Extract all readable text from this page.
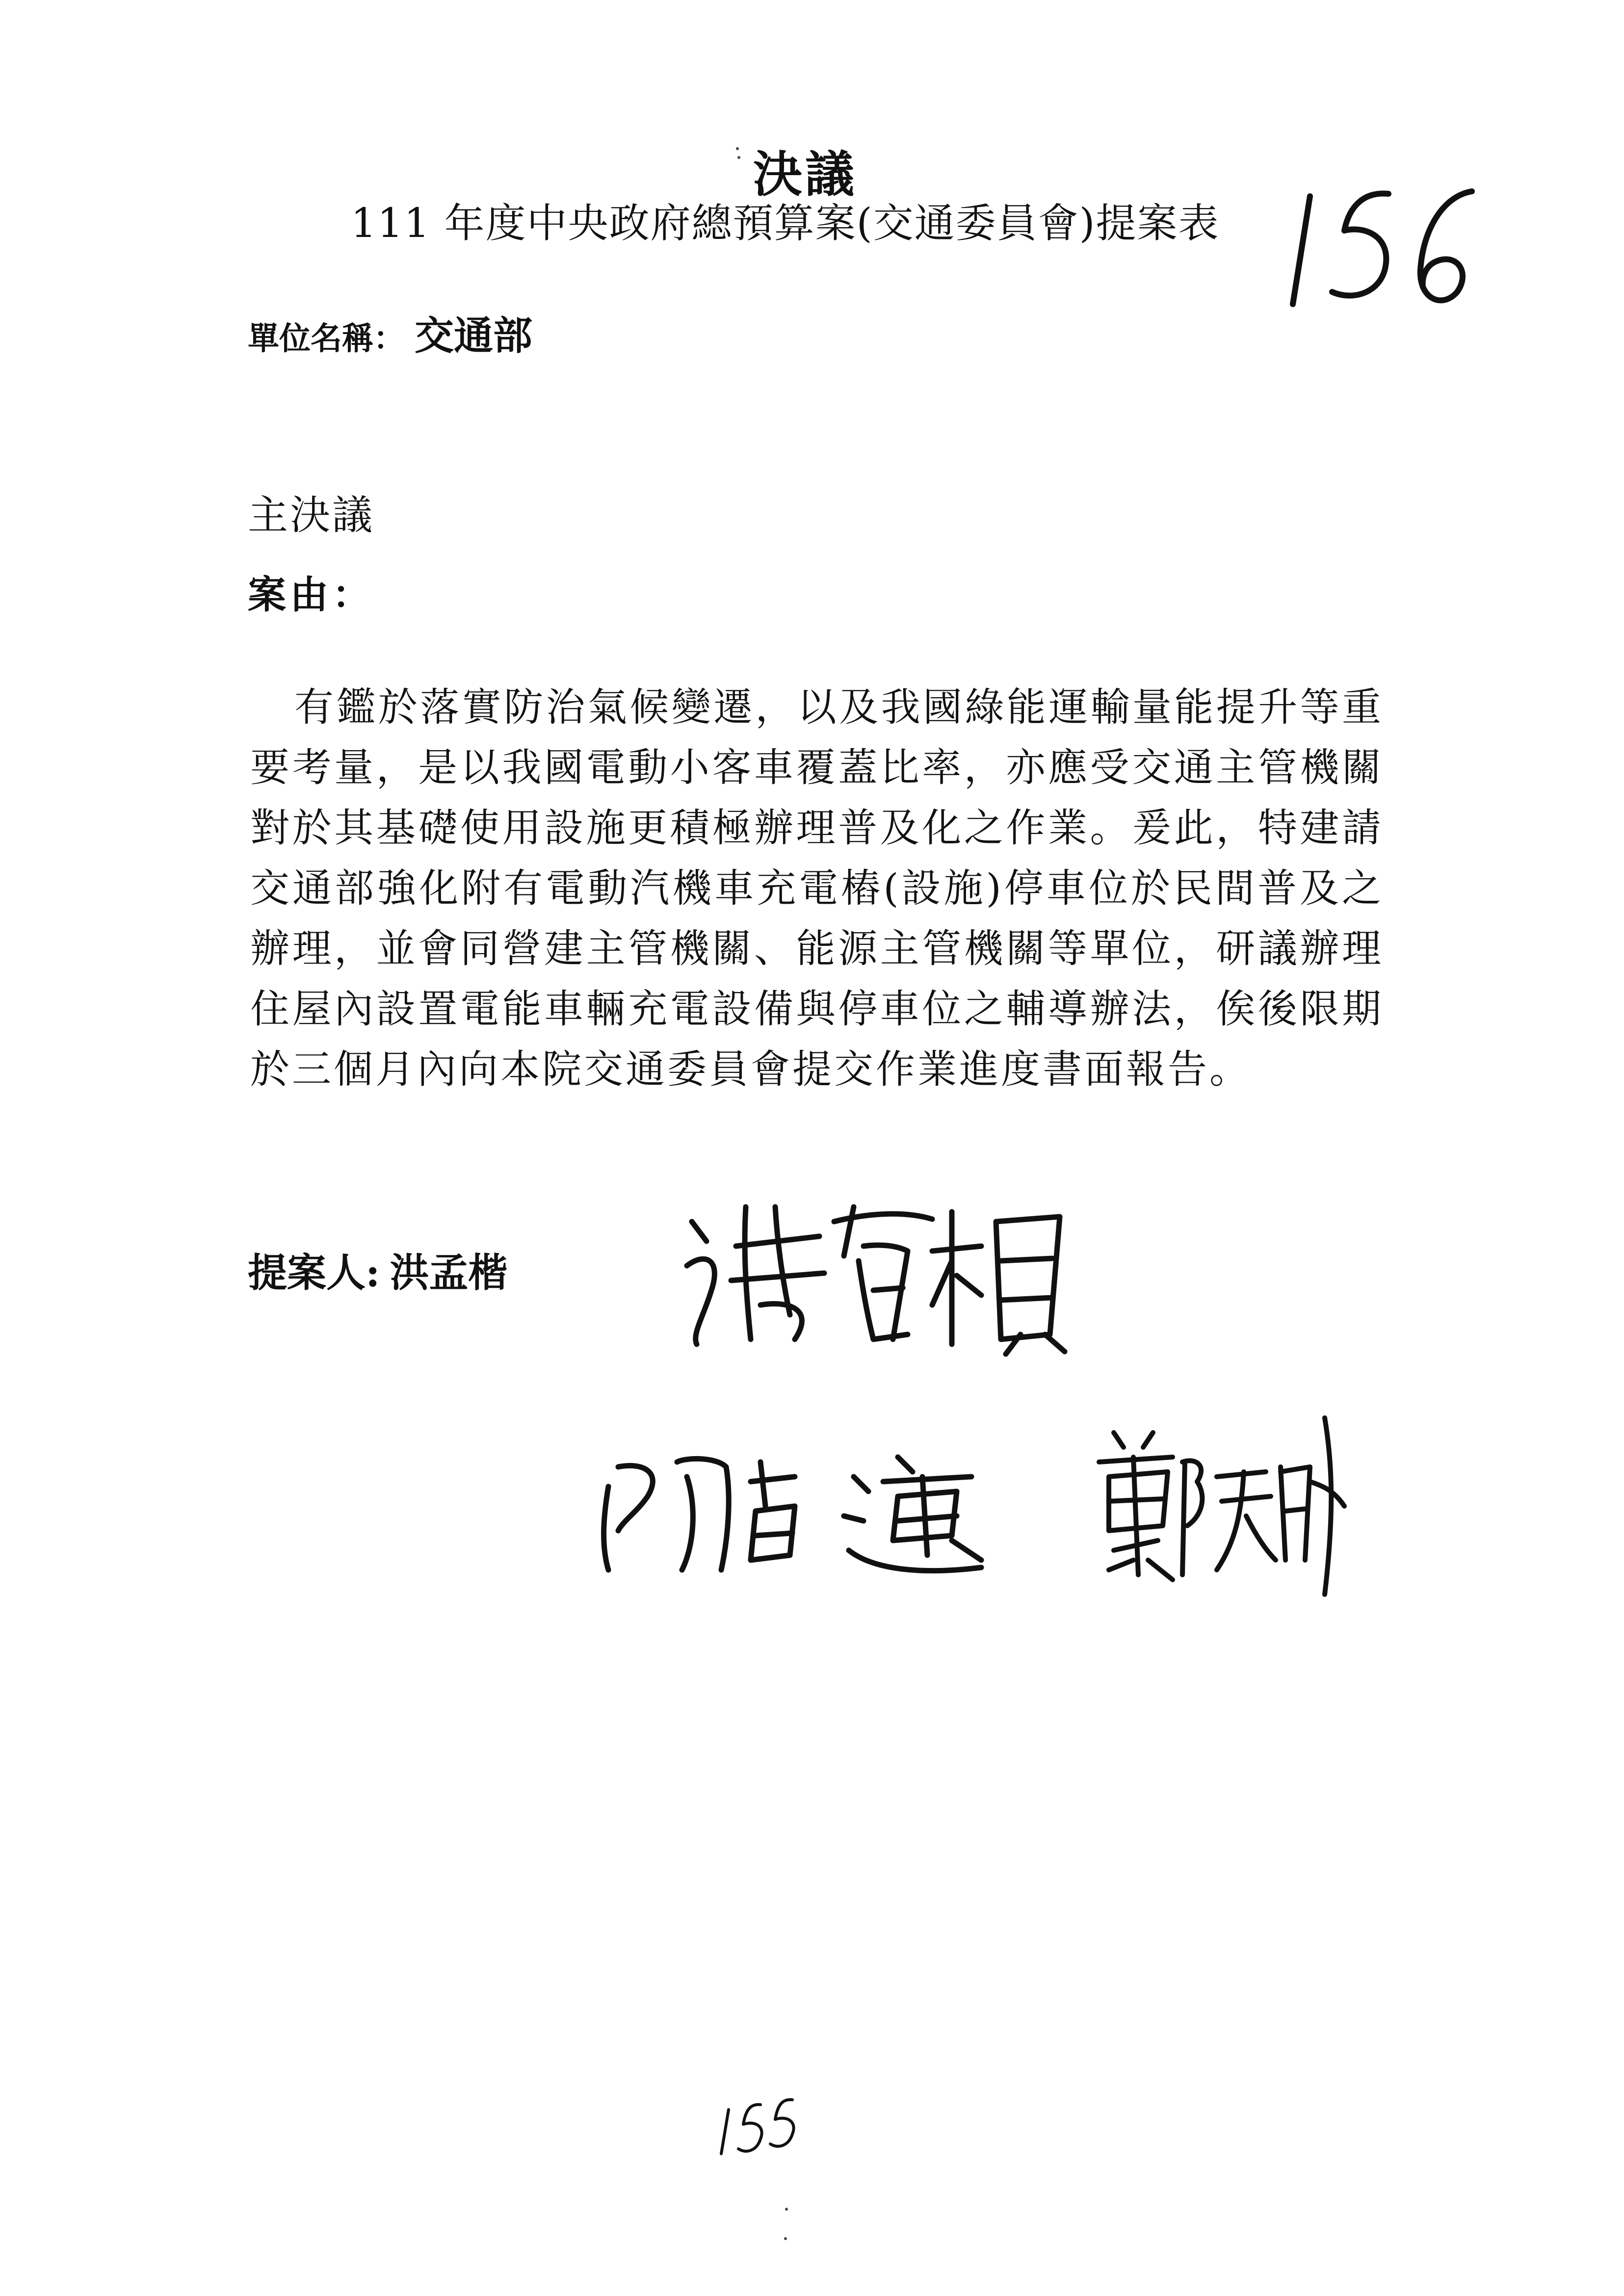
決議
111 年度中央政府總預算案(交通委員會)提案表
單位名稱： 交通部
主決議
案由：
有鑑於落實防治氣候變遷，以及我國綠能運輸量能提升等重要考量，是以我國電動小客車覆蓋比率，亦應受交通主管機關對於其基礎使用設施更積極辦理普及化之作業。爰此，特建請交通部強化附有電動汽機車充電樁(設施)停車位於民間普及之辦理，並會同營建主管機關、能源主管機關等單位，研議辦理住屋內設置電能車輛充電設備與停車位之輔導辦法，俟後限期於三個月內向本院交通委員會提交作業進度書面報告。
提案人: 洪孟楷
